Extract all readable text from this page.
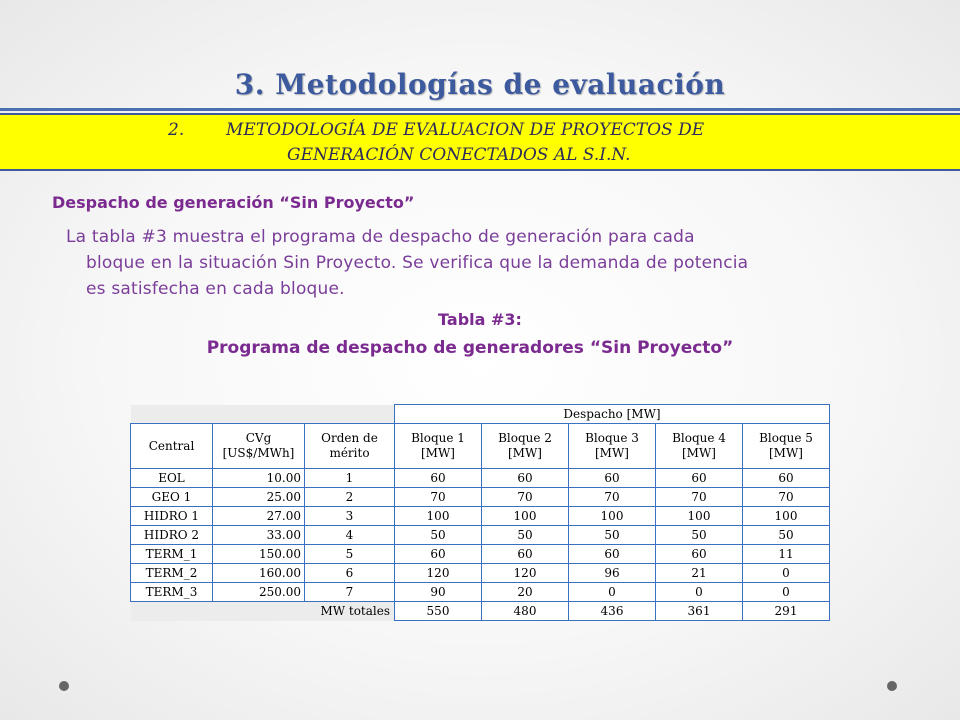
3. Metodologías de evaluación
2. METODOLOGÍA DE EVALUACION DE PROYECTOS DE
GENERACIÓN CONECTADOS AL S.I.N.
Despacho de generación “Sin Proyecto”
La tabla #3 muestra el programa de despacho de generación para cada
bloque en la situación Sin Proyecto. Se verifica que la demanda de potencia
es satisfecha en cada bloque.
Tabla #3:
Programa de despacho de generadores “Sin Proyecto”
			Despacho [MW]				
Central	CVg [US$/MWh]	Orden de mérito	Bloque 1 [MW]	Bloque 2 [MW]	Bloque 3 [MW]	Bloque 4 [MW]	Bloque 5 [MW]
EOL	10.00	1	60	60	60	60	60
GEO 1	25.00	2	70	70	70	70	70
HIDRO 1	27.00	3	100	100	100	100	100
HIDRO 2	33.00	4	50	50	50	50	50
TERM_1	150.00	5	60	60	60	60	11
TERM_2	160.00	6	120	120	96	21	0
TERM_3	250.00	7	90	20	0	0	0
MW totales			550	480	436	361	291
